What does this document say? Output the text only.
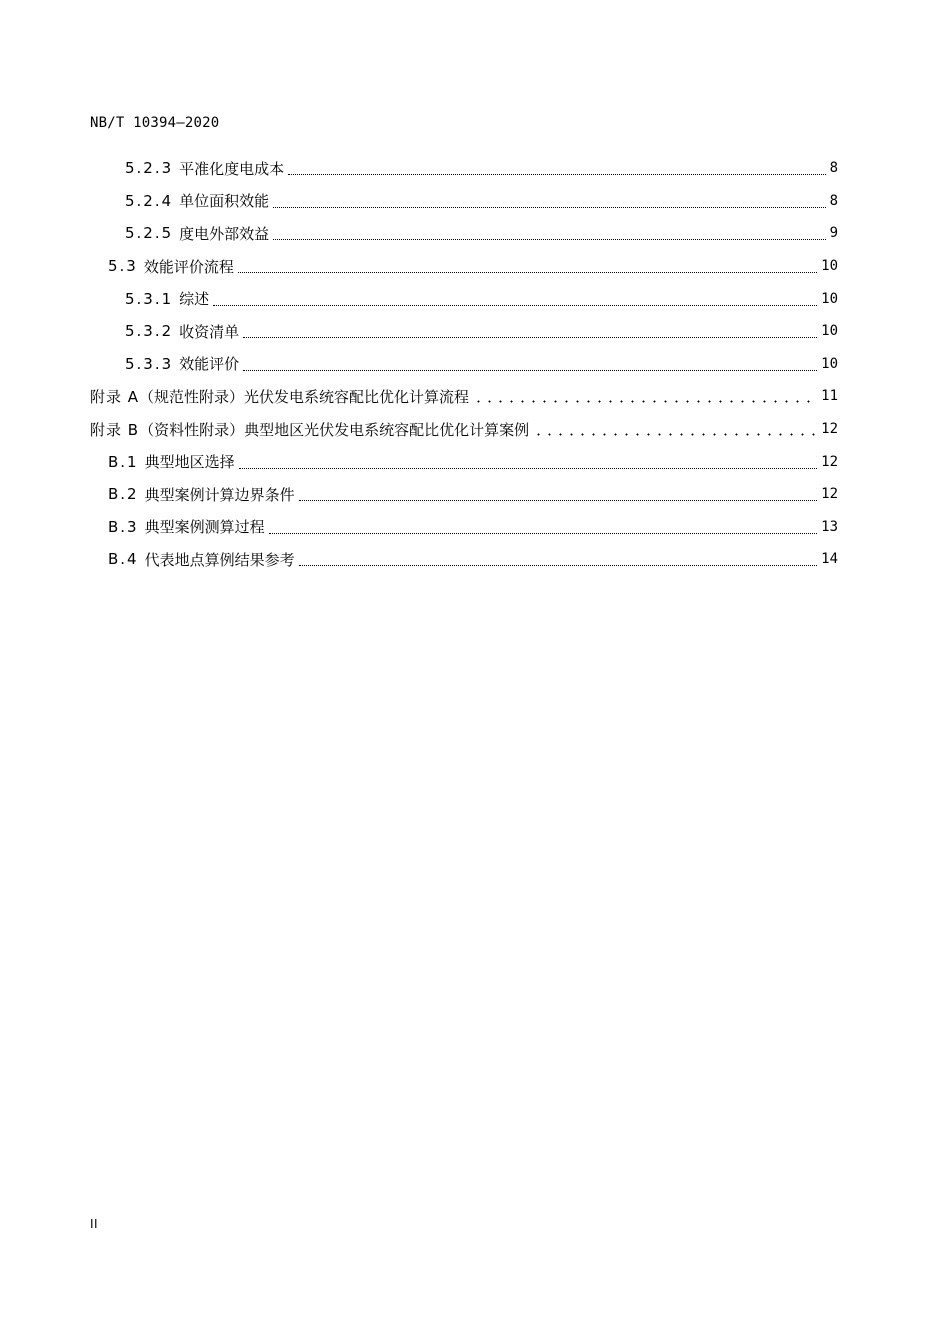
NB/T 10394—2020
5.2.3 平准化度电成本	8
5.2.4 单位面积效能	8
5.2.5 度电外部效益	9
5.3 效能评价流程	10
5.3.1 综述	10
5.3.2 收资清单	10
5.3.3 效能评价	10
附录 A （规范性附录）光伏发电系统容配比优化计算流程	11
附录 B （资料性附录）典型地区光伏发电系统容配比优化计算案例	12
B.1 典型地区选择	12
B.2 典型案例计算边界条件	12
B.3 典型案例测算过程	13
B.4 代表地点算例结果参考	14
II
